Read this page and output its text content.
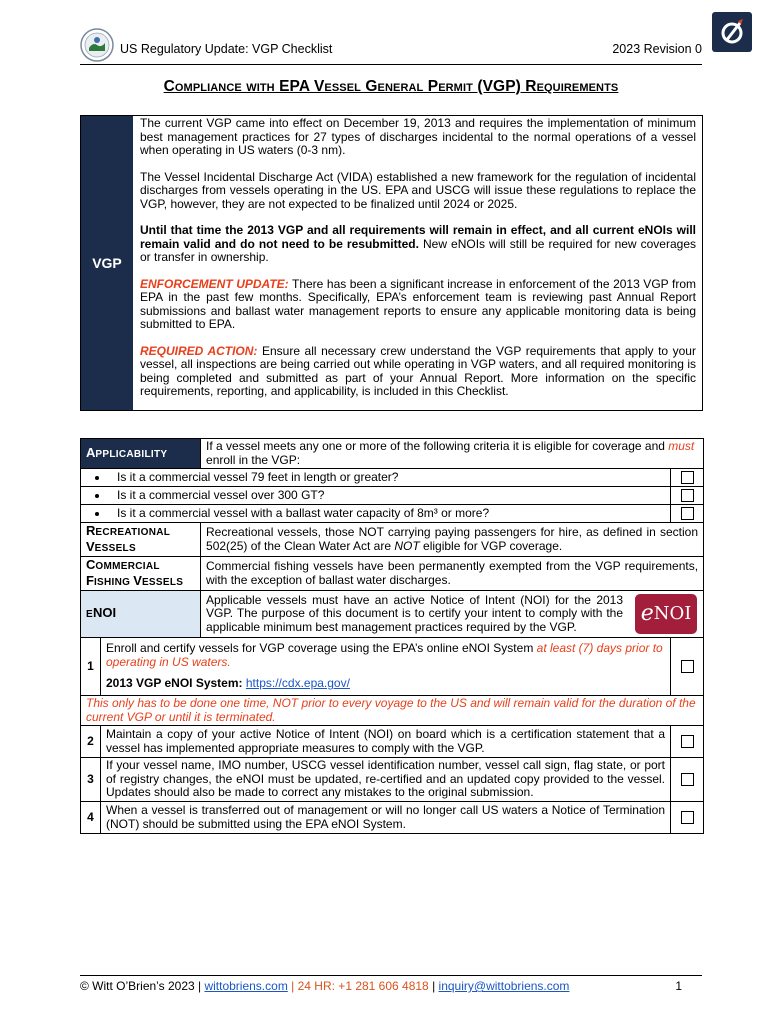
US Regulatory Update: VGP Checklist	2023 Revision 0
Compliance with EPA Vessel General Permit (VGP) Requirements
VGP

The current VGP came into effect on December 19, 2013 and requires the implementation of minimum best management practices for 27 types of discharges incidental to the normal operations of a vessel when operating in US waters (0-3 nm).

The Vessel Incidental Discharge Act (VIDA) established a new framework for the regulation of incidental discharges from vessels operating in the US. EPA and USCG will issue these regulations to replace the VGP, however, they are not expected to be finalized until 2024 or 2025.

Until that time the 2013 VGP and all requirements will remain in effect, and all current eNOIs will remain valid and do not need to be resubmitted. New eNOIs will still be required for new coverages or transfer in ownership.

ENFORCEMENT UPDATE: There has been a significant increase in enforcement of the 2013 VGP from EPA in the past few months. Specifically, EPA’s enforcement team is reviewing past Annual Report submissions and ballast water management reports to ensure any applicable monitoring data is being submitted to EPA.

REQUIRED ACTION: Ensure all necessary crew understand the VGP requirements that apply to your vessel, all inspections are being carried out while operating in VGP waters, and all required monitoring is being completed and submitted as part of your Annual Report. More information on the specific requirements, reporting, and applicability, is included in this Checklist.

APPLICABILITY		If a vessel meets any one or more of the following criteria it is eligible for coverage and must enroll in the VGP:	
Is it a commercial vessel 79 feet in length or greater?			
Is it a commercial vessel over 300 GT?			
Is it a commercial vessel with a ballast water capacity of 8m³ or more?			
RECREATIONAL
VESSELS		Recreational vessels, those NOT carrying paying passengers for hire, as defined in section 502(25) of the Clean Water Act are NOT eligible for VGP coverage.	
COMMERCIAL
FISHING VESSELS		Commercial fishing vessels have been permanently exempted from the VGP requirements, with the exception of ballast water discharges.	
ENOI		Applicable vessels must have an active Notice of Intent (NOI) for the 2013 VGP. The purpose of this document is to certify your intent to comply with the applicable minimum best management practices required by the VGP.
e NOI	

1	Enroll and certify vessels for VGP coverage using the EPA’s online eNOI System at least (7) days prior to operating in US waters.

2013 VGP eNOI System: https://cdx.epa.gov/		
This only has to be done one time, NOT prior to every voyage to the US and will remain valid for the duration of the current VGP or until it is terminated.			
2	Maintain a copy of your active Notice of Intent (NOI) on board which is a certification statement that a vessel has implemented appropriate measures to comply with the VGP.		
3	If your vessel name, IMO number, USCG vessel identification number, vessel call sign, flag state, or port of registry changes, the eNOI must be updated, re-certified and an updated copy provided to the vessel. Updates should also be made to correct any mistakes to the original submission.		
4	When a vessel is transferred out of management or will no longer call US waters a Notice of Termination (NOT) should be submitted using the EPA eNOI System.		
© Witt O’Brien’s 2023 | wittobriens.com | 24 HR: +1 281 606 4818 | inquiry@wittobriens.com	1
